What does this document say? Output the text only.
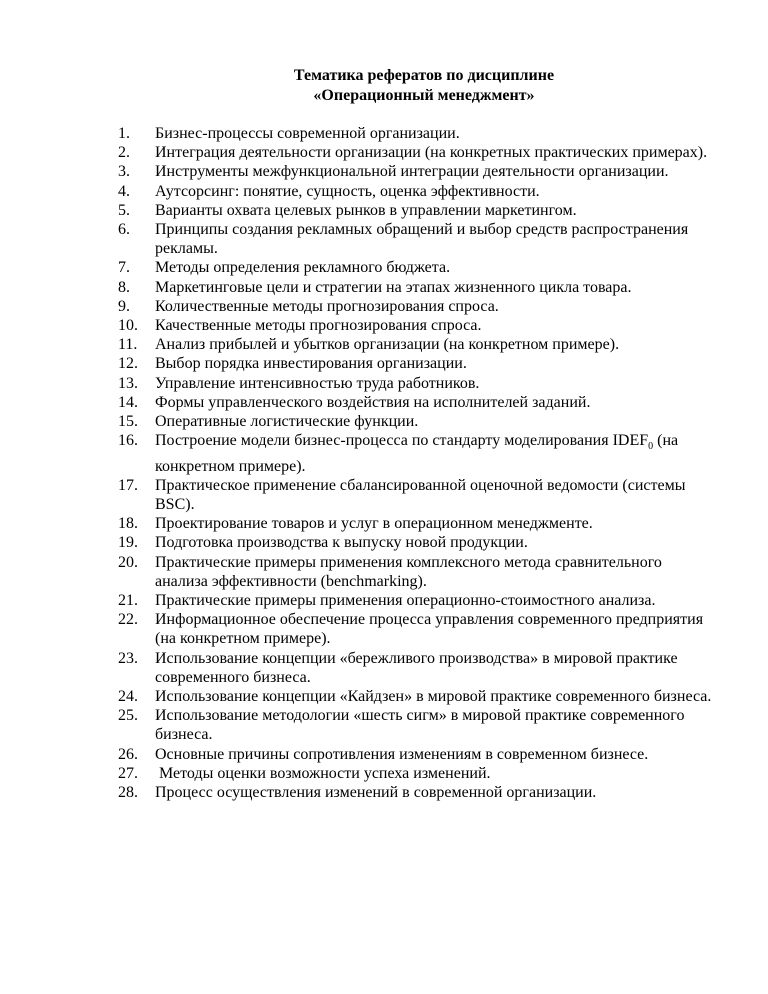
Тематика рефератов по дисциплине
«Операционный менеджмент»
1.	Бизнес-процессы современной организации.
2.	Интеграция деятельности организации (на конкретных практических примерах).
3.	Инструменты межфункциональной интеграции деятельности организации.
4.	Аутсорсинг: понятие, сущность, оценка эффективности.
5.	Варианты охвата целевых рынков в управлении маркетингом.
6.	Принципы создания рекламных обращений и выбор средств распространения рекламы.
7.	Методы определения рекламного бюджета.
8.	Маркетинговые цели и стратегии на этапах жизненного цикла товара.
9.	Количественные методы прогнозирования спроса.
10.	Качественные методы прогнозирования спроса.
11.	Анализ прибылей и убытков организации (на конкретном примере).
12.	Выбор порядка инвестирования организации.
13.	Управление интенсивностью труда работников.
14.	Формы управленческого воздействия на исполнителей заданий.
15.	Оперативные логистические функции.
16.	Построение модели бизнес-процесса по стандарту моделирования $IDEF_0$ (на конкретном примере).
17.	Практическое применение сбалансированной оценочной ведомости (системы BSC).
18.	Проектирование товаров и услуг в операционном менеджменте.
19.	Подготовка производства к выпуску новой продукции.
20.	Практические примеры применения комплексного метода сравнительного анализа эффективности (benchmarking).
21.	Практические примеры применения операционно-стоимостного анализа.
22.	Информационное обеспечение процесса управления современного предприятия (на конкретном примере).
23.	Использование концепции «бережливого производства» в мировой практике современного бизнеса.
24.	Использование концепции «Кайдзен» в мировой практике современного бизнеса.
25.	Использование методологии «шесть сигм» в мировой практике современного бизнеса.
26.	Основные причины сопротивления изменениям в современном бизнесе.
27.	Методы оценки возможности успеха изменений.
28.	Процесс осуществления изменений в современной организации.
